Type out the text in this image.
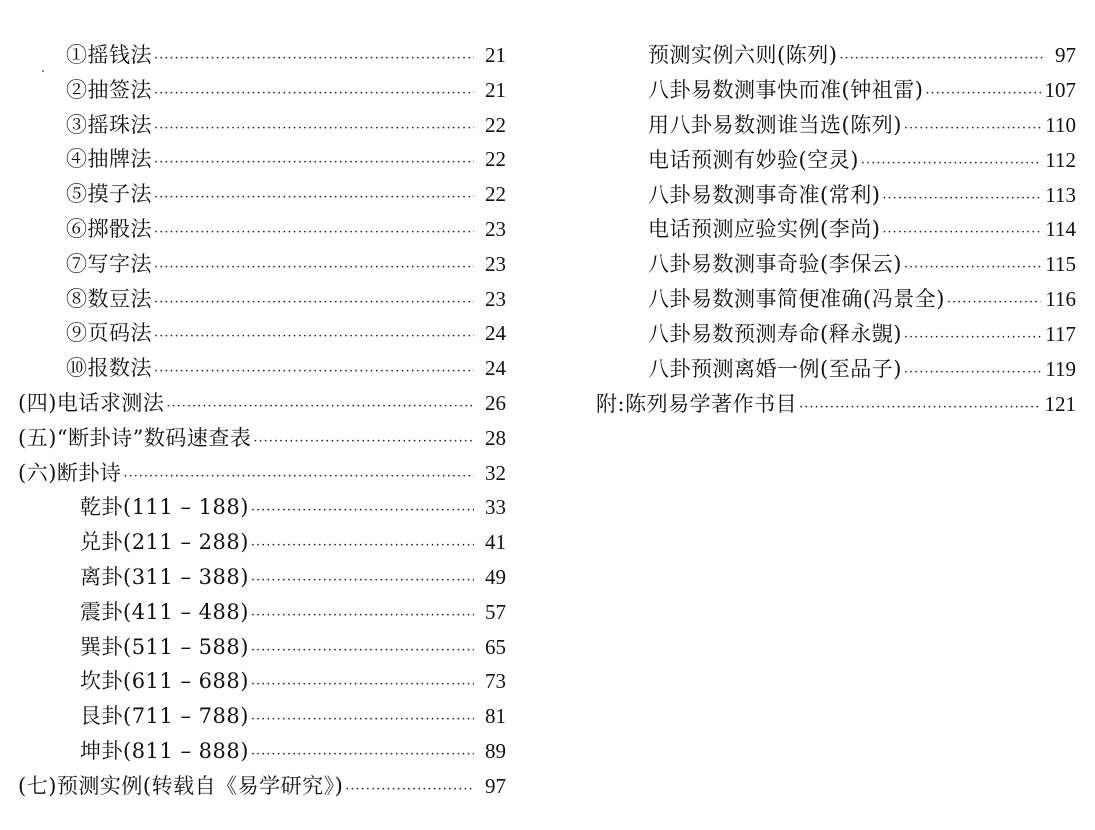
①摇钱法 ·····	21
②抽签法 ·····	21
③摇珠法 ·····	22
④抽牌法 ·····	22
⑤摸子法 ·····	22
⑥掷骰法 ·····	23
⑦写字法 ·····	23
⑧数豆法 ·····	23
⑨页码法 ·····	24
⑩报数法 ·····	24
(四)电话求测法 ·····	26
(五)“断卦诗”数码速查表 ·····	28
(六)断卦诗 ·····	32
乾卦(111 – 188) ·····	33
兑卦(211 – 288) ·····	41
离卦(311 – 388) ·····	49
震卦(411 – 488) ·····	57
巽卦(511 – 588) ·····	65
坎卦(611 – 688) ·····	73
艮卦(711 – 788) ·····	81
坤卦(811 – 888) ·····	89
(七)预测实例(转载自《易学研究》) ·····	97
预测实例六则(陈列) ·····	97
八卦易数测事快而准(钟祖雷) ·····	107
用八卦易数测谁当选(陈列) ·····	110
电话预测有妙验(空灵) ·····	112
八卦易数测事奇准(常利) ·····	113
电话预测应验实例(李尚) ·····	114
八卦易数测事奇验(李保云) ·····	115
八卦易数测事简便准确(冯景全) ·····	116
八卦易数预测寿命(释永覬) ·····	117
八卦预测离婚一例(至品子) ·····	119
附:陈列易学著作书目 ·····	121
